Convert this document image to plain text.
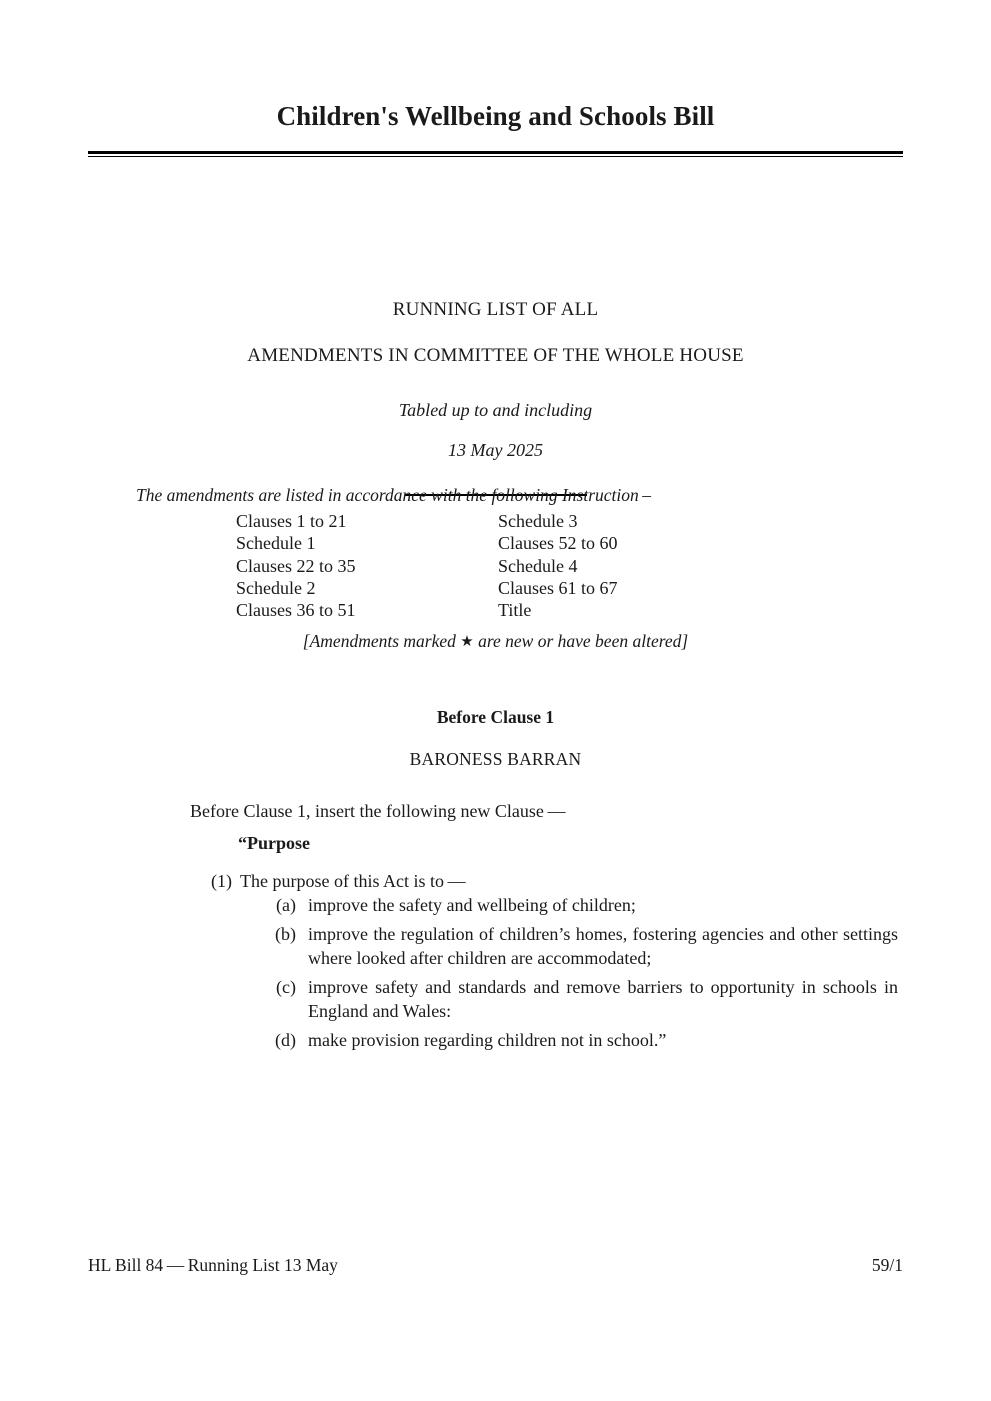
Children's Wellbeing and Schools Bill
RUNNING LIST OF ALL
AMENDMENTS IN COMMITTEE OF THE WHOLE HOUSE
Tabled up to and including
13 May 2025
The amendments are listed in accordance with the following Instruction –
Clauses 1 to 21	Schedule 3
Schedule 1	Clauses 52 to 60
Clauses 22 to 35	Schedule 4
Schedule 2	Clauses 61 to 67
Clauses 36 to 51	Title
[Amendments marked ★ are new or have been altered]
Before Clause 1
BARONESS BARRAN
Before Clause 1, insert the following new Clause —
“Purpose
(1) The purpose of this Act is to —
(a) improve the safety and wellbeing of children;
(b) improve the regulation of children’s homes, fostering agencies and other settings where looked after children are accommodated;
(c) improve safety and standards and remove barriers to opportunity in schools in England and Wales:
(d) make provision regarding children not in school.”
HL Bill 84 — Running List 13 May	59/1
